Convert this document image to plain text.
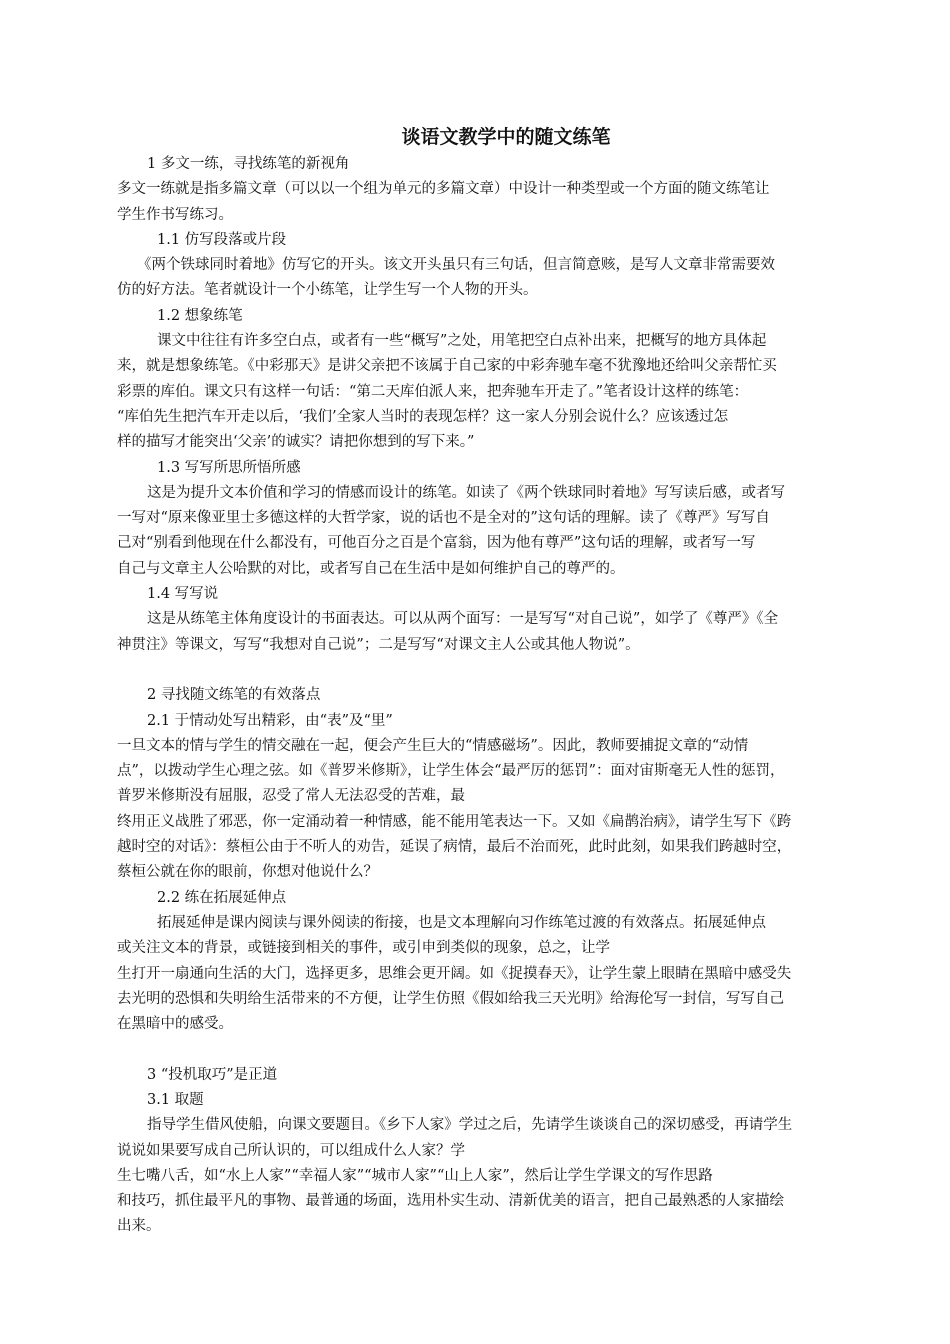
谈语文教学中的随文练笔

1 多文一练，寻找练笔的新视角

多文一练就是指多篇文章（可以以一个组为单元的多篇文章）中设计一种类型或一个方面的随文练笔让

学生作书写练习。

1.1 仿写段落或片段

《两个铁球同时着地》仿写它的开头。该文开头虽只有三句话，但言简意赅，是写人文章非常需要效

仿的好方法。笔者就设计一个小练笔，让学生写一个人物的开头。

1.2 想象练笔

课文中往往有许多空白点，或者有一些“概写”之处，用笔把空白点补出来，把概写的地方具体起

来，就是想象练笔。《中彩那天》是讲父亲把不该属于自己家的中彩奔驰车毫不犹豫地还给叫父亲帮忙买

彩票的库伯。课文只有这样一句话：“第二天库伯派人来，把奔驰车开走了。”笔者设计这样的练笔：

“库伯先生把汽车开走以后，‘我们’全家人当时的表现怎样？这一家人分别会说什么？应该透过怎

样的描写才能突出‘父亲’的诚实？请把你想到的写下来。”

1.3 写写所思所悟所感

这是为提升文本价值和学习的情感而设计的练笔。如读了《两个铁球同时着地》写写读后感，或者写

一写对“原来像亚里士多德这样的大哲学家，说的话也不是全对的”这句话的理解。读了《尊严》写写自

己对“别看到他现在什么都没有，可他百分之百是个富翁，因为他有尊严”这句话的理解，或者写一写

自己与文章主人公哈默的对比，或者写自己在生活中是如何维护自己的尊严的。

1.4 写写说

这是从练笔主体角度设计的书面表达。可以从两个面写：一是写写“对自己说”，如学了《尊严》《全

神贯注》等课文，写写“我想对自己说”；二是写写“对课文主人公或其他人物说”。

2 寻找随文练笔的有效落点

2.1 于情动处写出精彩，由“表”及“里”

一旦文本的情与学生的情交融在一起，便会产生巨大的“情感磁场”。因此，教师要捕捉文章的“动情

点”，以拨动学生心理之弦。如《普罗米修斯》，让学生体会“最严厉的惩罚”：面对宙斯毫无人性的惩罚，

普罗米修斯没有屈服，忍受了常人无法忍受的苦难，最

终用正义战胜了邪恶，你一定涌动着一种情感，能不能用笔表达一下。又如《扁鹊治病》，请学生写下《跨

越时空的对话》：蔡桓公由于不听人的劝告，延误了病情，最后不治而死，此时此刻，如果我们跨越时空，

蔡桓公就在你的眼前，你想对他说什么？

2.2 练在拓展延伸点

拓展延伸是课内阅读与课外阅读的衔接，也是文本理解向习作练笔过渡的有效落点。拓展延伸点

或关注文本的背景，或链接到相关的事件，或引申到类似的现象，总之，让学

生打开一扇通向生活的大门，选择更多，思维会更开阔。如《捉摸春天》，让学生蒙上眼睛在黑暗中感受失

去光明的恐惧和失明给生活带来的不方便，让学生仿照《假如给我三天光明》给海伦写一封信，写写自己

在黑暗中的感受。

3 “投机取巧”是正道

3.1 取题

指导学生借风使船，向课文要题目。《乡下人家》学过之后，先请学生谈谈自己的深切感受，再请学生

说说如果要写成自己所认识的，可以组成什么人家？学

生七嘴八舌，如“水上人家”“幸福人家”“城市人家”“山上人家”，然后让学生学课文的写作思路

和技巧，抓住最平凡的事物、最普通的场面，选用朴实生动、清新优美的语言，把自己最熟悉的人家描绘

出来。
